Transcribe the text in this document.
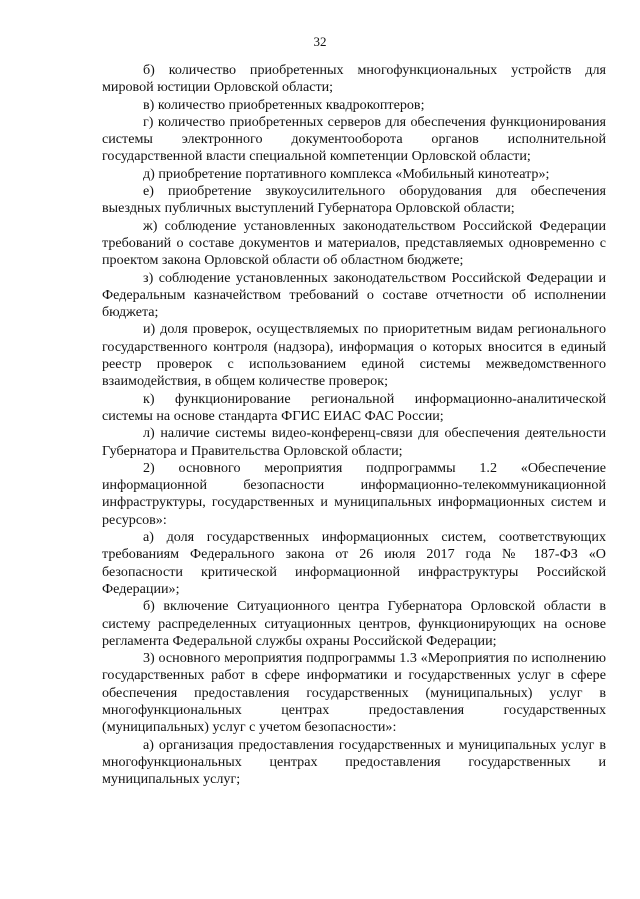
32

б) количество приобретенных многофункциональных устройств для мировой юстиции Орловской области;

в) количество приобретенных квадрокоптеров;

г) количество приобретенных серверов для обеспечения функционирования системы электронного документооборота органов исполнительной государственной власти специальной компетенции Орловской области;

д) приобретение портативного комплекса «Мобильный кинотеатр»;

е) приобретение звукоусилительного оборудования для обеспечения выездных публичных выступлений Губернатора Орловской области;

ж) соблюдение установленных законодательством Российской Федерации требований о составе документов и материалов, представляемых одновременно с проектом закона Орловской области об областном бюджете;

з) соблюдение установленных законодательством Российской Федерации и Федеральным казначейством требований о составе отчетности об исполнении бюджета;

и) доля проверок, осуществляемых по приоритетным видам регионального государственного контроля (надзора), информация о которых вносится в единый реестр проверок с использованием единой системы межведомственного взаимодействия, в общем количестве проверок;

к) функционирование региональной информационно-аналитической системы на основе стандарта ФГИС ЕИАС ФАС России;

л) наличие системы видео-конференц-связи для обеспечения деятельности Губернатора и Правительства Орловской области;

2) основного мероприятия подпрограммы 1.2 «Обеспечение информационной безопасности информационно-телекоммуникационной инфраструктуры, государственных и муниципальных информационных систем и ресурсов»:

а) доля государственных информационных систем, соответствующих требованиям Федерального закона от 26 июля 2017 года № 187-ФЗ «О безопасности критической информационной инфраструктуры Российской Федерации»;

б) включение Ситуационного центра Губернатора Орловской области в систему распределенных ситуационных центров, функционирующих на основе регламента Федеральной службы охраны Российской Федерации;

3) основного мероприятия подпрограммы 1.3 «Мероприятия по исполнению государственных работ в сфере информатики и государственных услуг в сфере обеспечения предоставления государственных (муниципальных) услуг в многофункциональных центрах предоставления государственных (муниципальных) услуг с учетом безопасности»:

а) организация предоставления государственных и муниципальных услуг в многофункциональных центрах предоставления государственных и муниципальных услуг;
